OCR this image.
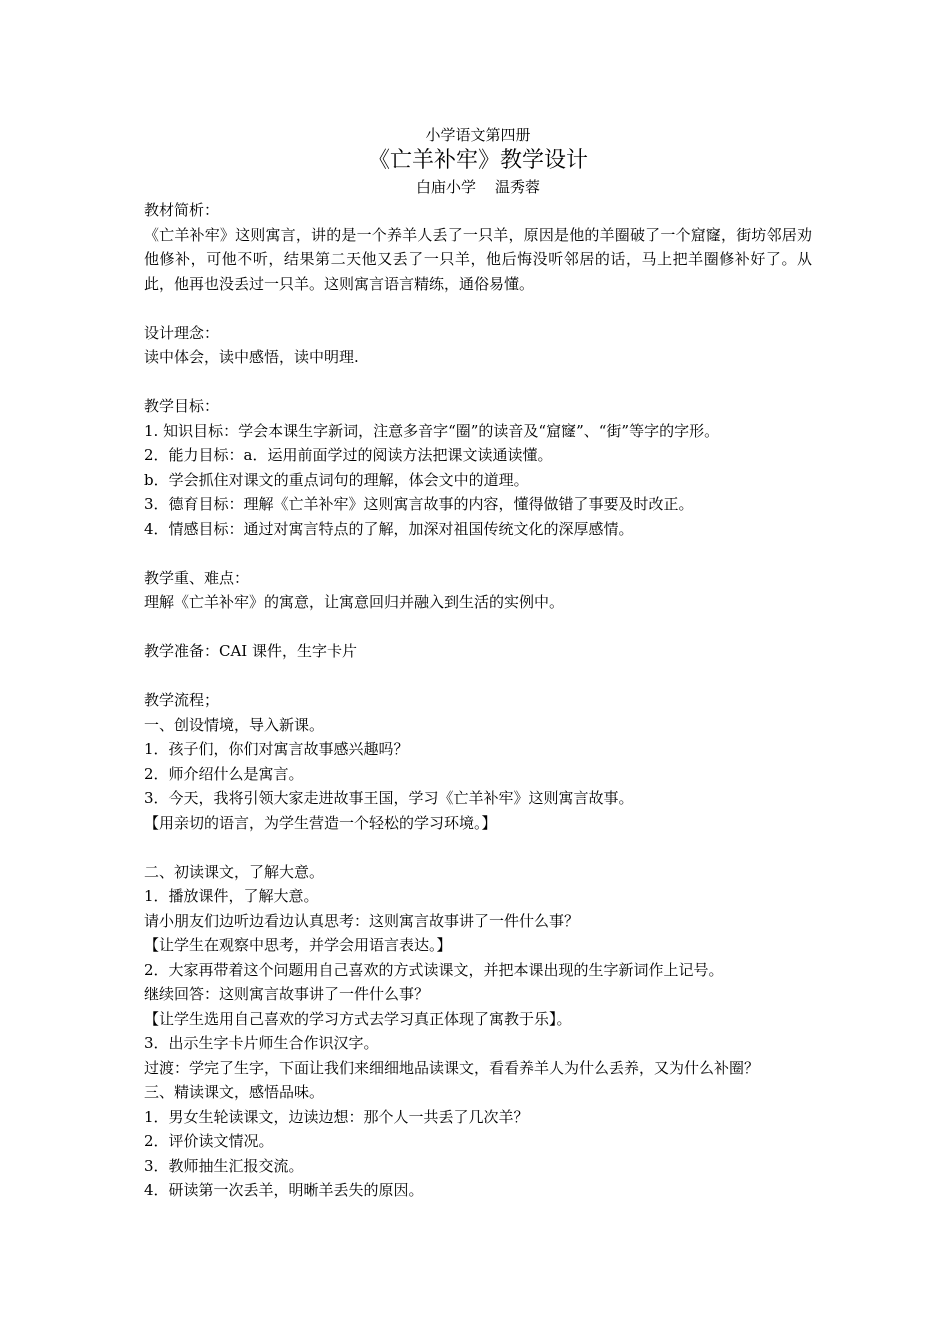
小学语文第四册
《亡羊补牢》教学设计
白庙小学    温秀蓉

教材简析：

《亡羊补牢》这则寓言，讲的是一个养羊人丢了一只羊，原因是他的羊圈破了一个窟窿，街坊邻居劝他修补，可他不听，结果第二天他又丢了一只羊，他后悔没听邻居的话，马上把羊圈修补好了。从此，他再也没丢过一只羊。这则寓言语言精练，通俗易懂。

设计理念：

读中体会，读中感悟，读中明理.

教学目标：

1. 知识目标：学会本课生字新词，注意多音字“圈”的读音及“窟窿”、“街”等字的字形。

2．能力目标：a．运用前面学过的阅读方法把课文读通读懂。

b．学会抓住对课文的重点词句的理解，体会文中的道理。

3．德育目标：理解《亡羊补牢》这则寓言故事的内容，懂得做错了事要及时改正。

4．情感目标：通过对寓言特点的了解，加深对祖国传统文化的深厚感情。

教学重、难点：

理解《亡羊补牢》的寓意，让寓意回归并融入到生活的实例中。

教学准备：CAI 课件，生字卡片

教学流程；

一、创设情境，导入新课。

1．孩子们，你们对寓言故事感兴趣吗？

2．师介绍什么是寓言。

3．今天，我将引领大家走进故事王国，学习《亡羊补牢》这则寓言故事。

【用亲切的语言，为学生营造一个轻松的学习环境。】

二、初读课文，了解大意。

1．播放课件，了解大意。

请小朋友们边听边看边认真思考：这则寓言故事讲了一件什么事？

【让学生在观察中思考，并学会用语言表达。】

2．大家再带着这个问题用自己喜欢的方式读课文，并把本课出现的生字新词作上记号。

继续回答：这则寓言故事讲了一件什么事？

【让学生选用自己喜欢的学习方式去学习真正体现了寓教于乐】。

3．出示生字卡片师生合作识汉字。

过渡：学完了生字，下面让我们来细细地品读课文，看看养羊人为什么丢养，又为什么补圈？

三、精读课文，感悟品味。

1．男女生轮读课文，边读边想：那个人一共丢了几次羊？

2．评价读文情况。

3．教师抽生汇报交流。

4．研读第一次丢羊，明晰羊丢失的原因。
